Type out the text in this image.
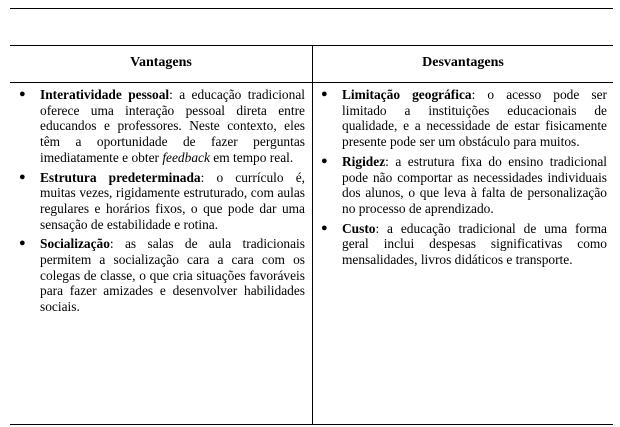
Vantagens	Desvantagens
● Interatividade pessoal: a educação tradicional oferece uma interação pessoal direta entre educandos e professores. Neste contexto, eles têm a oportunidade de fazer perguntas imediatamente e obter feedback em tempo real.
● Estrutura predeterminada: o currículo é, muitas vezes, rigidamente estruturado, com aulas regulares e horários fixos, o que pode dar uma sensação de estabilidade e rotina.
● Socialização: as salas de aula tradicionais permitem a socialização cara a cara com os colegas de classe, o que cria situações favoráveis para fazer amizades e desenvolver habilidades sociais.
● Limitação geográfica: o acesso pode ser limitado a instituições educacionais de qualidade, e a necessidade de estar fisicamente presente pode ser um obstáculo para muitos.
● Rigidez: a estrutura fixa do ensino tradicional pode não comportar as necessidades individuais dos alunos, o que leva à falta de personalização no processo de aprendizado.
● Custo: a educação tradicional de uma forma geral inclui despesas significativas como mensalidades, livros didáticos e transporte.
